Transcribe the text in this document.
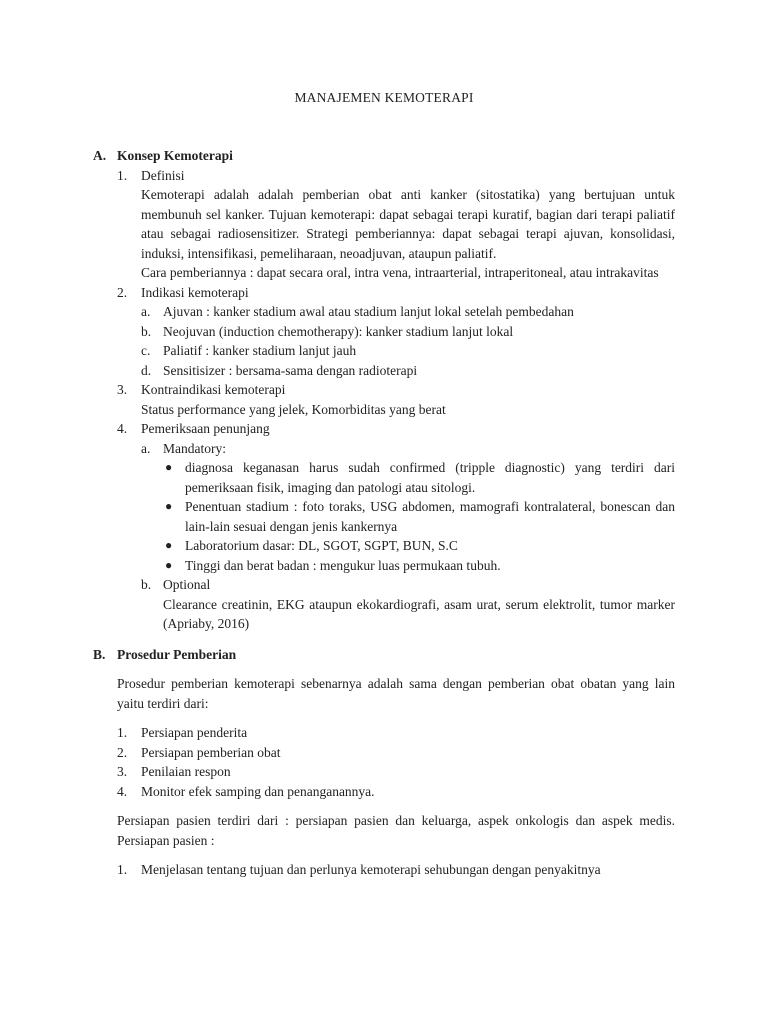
MANAJEMEN KEMOTERAPI
A. Konsep Kemoterapi
1.	Definisi
Kemoterapi adalah adalah pemberian obat anti kanker (sitostatika) yang bertujuan untuk membunuh sel kanker. Tujuan kemoterapi: dapat sebagai terapi kuratif, bagian dari terapi paliatif atau sebagai radiosensitizer. Strategi pemberiannya: dapat sebagai terapi ajuvan, konsolidasi, induksi, intensifikasi, pemeliharaan, neoadjuvan, ataupun paliatif.
Cara pemberiannya : dapat secara oral, intra vena, intraarterial, intraperitoneal, atau intrakavitas
2.	Indikasi kemoterapi
a. Ajuvan : kanker stadium awal atau stadium lanjut lokal setelah pembedahan
b. Neojuvan (induction chemotherapy): kanker stadium lanjut lokal
c. Paliatif : kanker stadium lanjut jauh
d. Sensitisizer : bersama-sama dengan radioterapi
3.	Kontraindikasi kemoterapi
Status performance yang jelek, Komorbiditas yang berat
4.	Pemeriksaan penunjang
a. Mandatory:
● diagnosa keganasan harus sudah confirmed (tripple diagnostic) yang terdiri dari pemeriksaan fisik, imaging dan patologi atau sitologi.
● Penentuan stadium : foto toraks, USG abdomen, mamografi kontralateral, bonescan dan lain-lain sesuai dengan jenis kankernya
● Laboratorium dasar: DL, SGOT, SGPT, BUN, S.C
● Tinggi dan berat badan : mengukur luas permukaan tubuh.
b. Optional
Clearance creatinin, EKG ataupun ekokardiografi, asam urat, serum elektrolit, tumor marker (Apriaby, 2016)
B. Prosedur Pemberian
Prosedur pemberian kemoterapi sebenarnya adalah sama dengan pemberian obat obatan yang lain yaitu terdiri dari:
1.	Persiapan penderita
2.	Persiapan pemberian obat
3.	Penilaian respon
4.	Monitor efek samping dan penanganannya.
Persiapan pasien terdiri dari : persiapan pasien dan keluarga, aspek onkologis dan aspek medis. Persiapan pasien :
1.	Menjelasan tentang tujuan dan perlunya kemoterapi sehubungan dengan penyakitnya
